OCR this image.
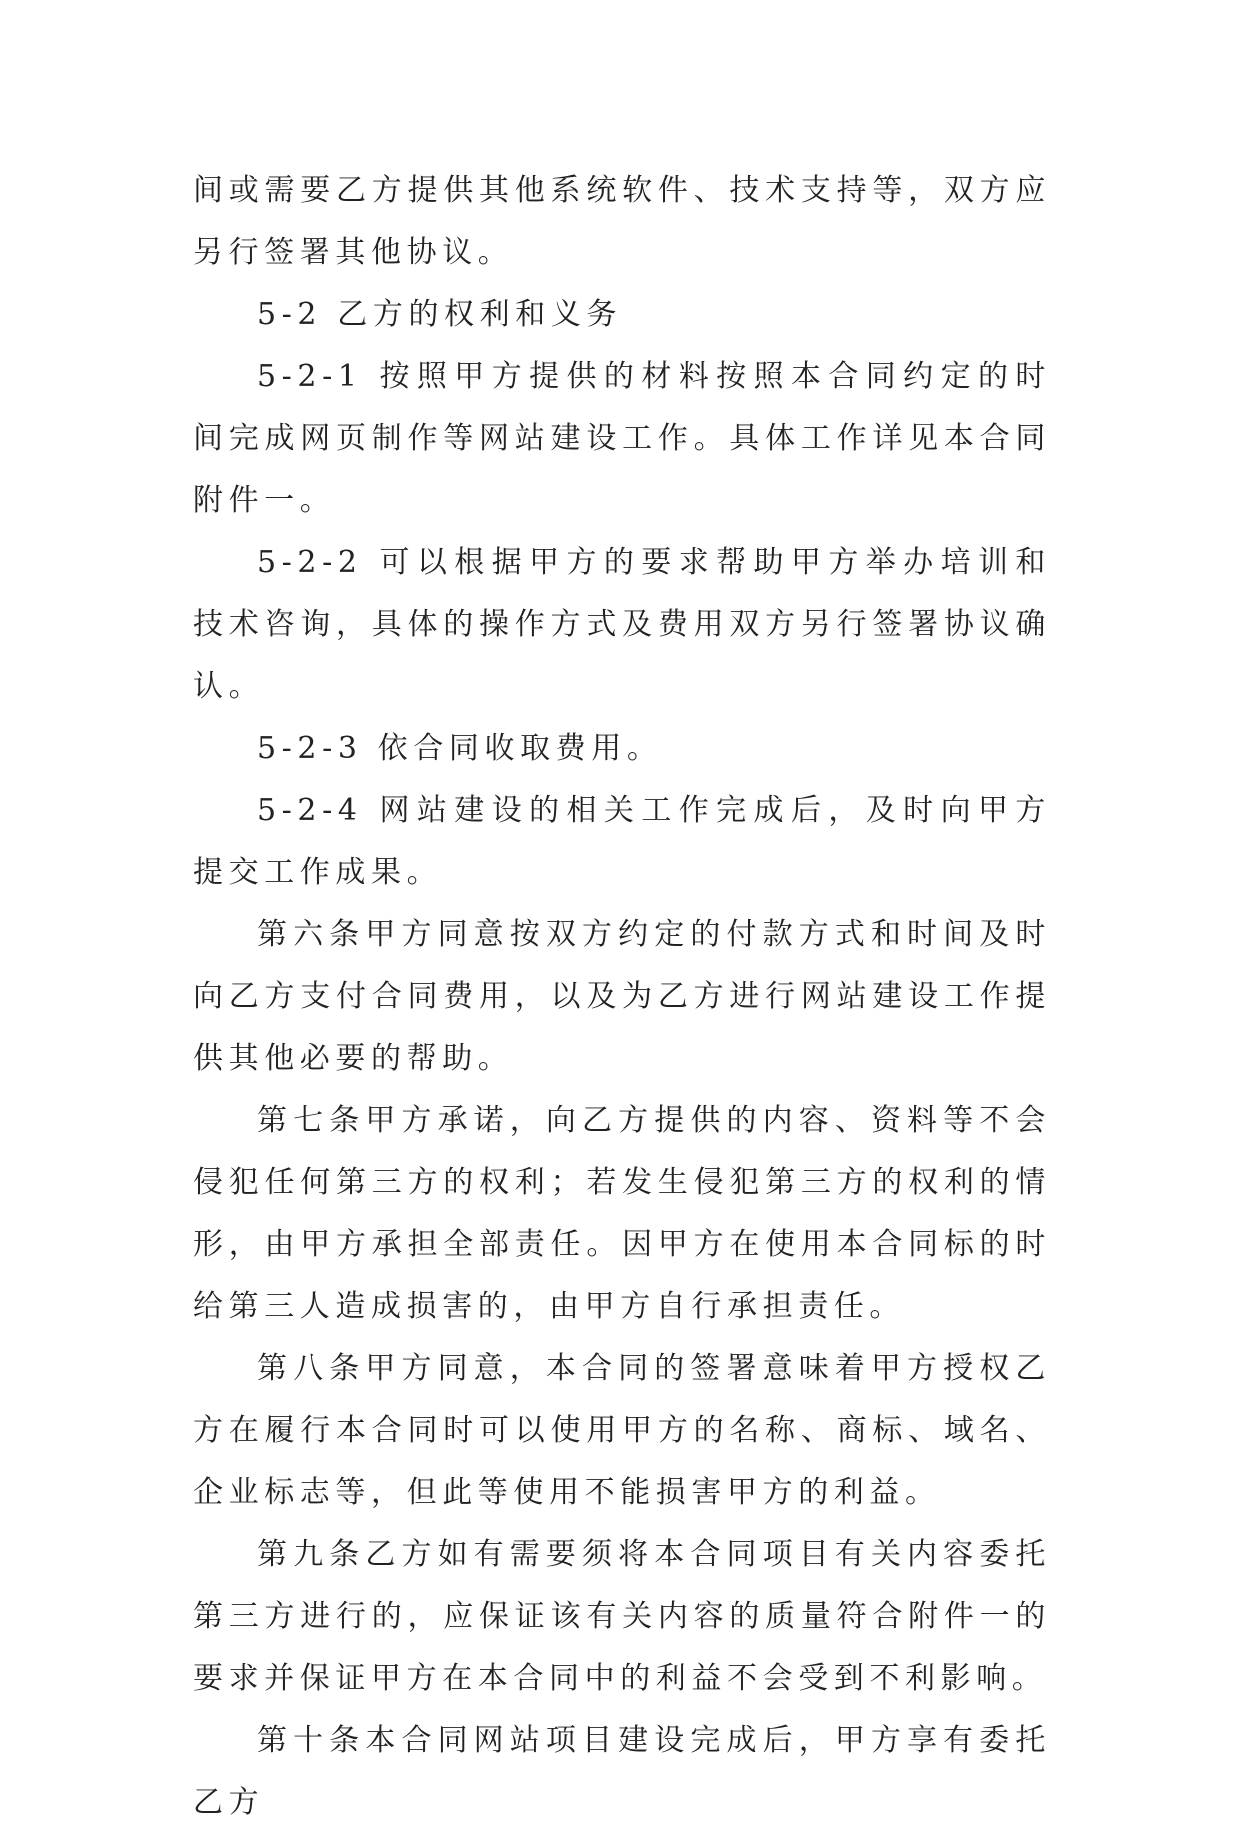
间或需要乙方提供其他系统软件、技术支持等，双方应另行签署其他协议。

5-2 乙方的权利和义务

5-2-1 按照甲方提供的材料按照本合同约定的时间完成网页制作等网站建设工作。具体工作详见本合同附件一。

5-2-2 可以根据甲方的要求帮助甲方举办培训和技术咨询，具体的操作方式及费用双方另行签署协议确认。

5-2-3 依合同收取费用。

5-2-4 网站建设的相关工作完成后，及时向甲方提交工作成果。

第六条甲方同意按双方约定的付款方式和时间及时向乙方支付合同费用，以及为乙方进行网站建设工作提供其他必要的帮助。

第七条甲方承诺，向乙方提供的内容、资料等不会侵犯任何第三方的权利；若发生侵犯第三方的权利的情形，由甲方承担全部责任。因甲方在使用本合同标的时给第三人造成损害的，由甲方自行承担责任。

第八条甲方同意，本合同的签署意味着甲方授权乙方在履行本合同时可以使用甲方的名称、商标、域名、企业标志等，但此等使用不能损害甲方的利益。

第九条乙方如有需要须将本合同项目有关内容委托第三方进行的，应保证该有关内容的质量符合附件一的要求并保证甲方在本合同中的利益不会受到不利影响。

第十条本合同网站项目建设完成后，甲方享有委托乙方
